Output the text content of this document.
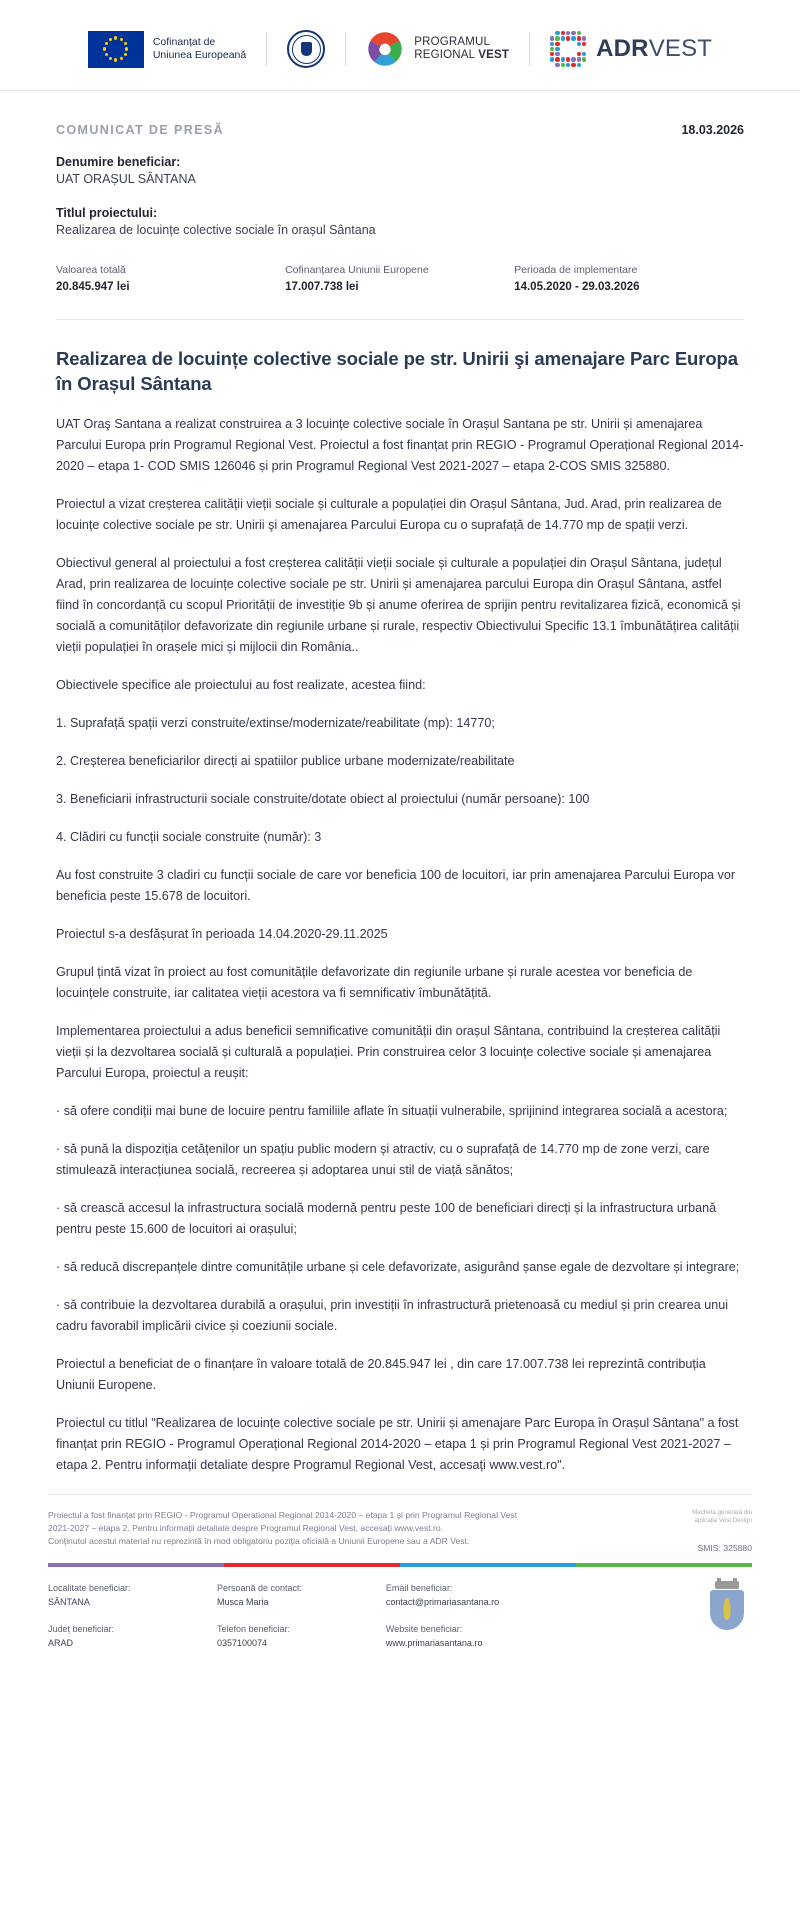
Cofinanțat de
Uniunea Europeană
PROGRAMUL
REGIONAL VEST	ADRVEST
COMUNICAT DE PRESĂ	18.03.2026
Denumire beneficiar:
UAT ORAȘUL SÂNTANA
Titlul proiectului:
Realizarea de locuințe colective sociale în orașul Sântana
Valoarea totală
20.845.947 lei
Cofinanțarea Uniunii Europene
17.007.738 lei
Perioada de implementare
14.05.2020 - 29.03.2026
Realizarea de locuințe colective sociale pe str. Unirii şi amenajare Parc Europa în Orașul Sântana

UAT Oraş Santana a realizat construirea a 3 locuințe colective sociale în Orașul Santana pe str. Unirii și amenajarea Parcului Europa prin Programul Regional Vest. Proiectul a fost finanțat prin REGIO - Programul Operațional Regional 2014-2020 – etapa 1- COD SMIS 126046 și prin Programul Regional Vest 2021-2027 – etapa 2-COS SMIS 325880.

Proiectul a vizat creșterea calității vieții sociale și culturale a populației din Orașul Sântana, Jud. Arad, prin realizarea de locuințe colective sociale pe str. Unirii şi amenajarea Parcului Europa cu o suprafață de 14.770 mp de spații verzi.

Obiectivul general al proiectului a fost creșterea calității vieții sociale și culturale a populației din Orașul Sântana, județul Arad, prin realizarea de locuințe colective sociale pe str. Unirii și amenajarea parcului Europa din Orașul Sântana, astfel fiind în concordanță cu scopul Priorității de investiție 9b și anume oferirea de sprijin pentru revitalizarea fizică, economică și socială a comunităților defavorizate din regiunile urbane și rurale, respectiv Obiectivului Specific 13.1 îmbunătățirea calității vieții populației în orașele mici și mijlocii din România..

Obiectivele specifice ale proiectului au fost realizate, acestea fiind:

1. Suprafață spații verzi construite/extinse/modernizate/reabilitate (mp): 14770;

2. Creșterea beneficiarilor direcți ai spatiilor publice urbane modernizate/reabilitate

3. Beneficiarii infrastructurii sociale construite/dotate obiect al proiectului (număr persoane): 100

4. Clădiri cu funcții sociale construite (număr): 3

Au fost construite 3 cladiri cu funcții sociale de care vor beneficia 100 de locuitori, iar prin amenajarea Parcului Europa vor beneficia peste 15.678 de locuitori.

Proiectul s-a desfășurat în perioada 14.04.2020-29.11.2025

Grupul țintă vizat în proiect au fost comunitățile defavorizate din regiunile urbane și rurale acestea vor beneficia de locuințele construite, iar calitatea vieții acestora va fi semnificativ îmbunătățită.

Implementarea proiectului a adus beneficii semnificative comunității din orașul Sântana, contribuind la creșterea calității vieții și la dezvoltarea socială și culturală a populației. Prin construirea celor 3 locuințe colective sociale și amenajarea Parcului Europa, proiectul a reușit:

· să ofere condiții mai bune de locuire pentru familiile aflate în situații vulnerabile, sprijinind integrarea socială a acestora;

· să pună la dispoziția cetățenilor un spațiu public modern și atractiv, cu o suprafață de 14.770 mp de zone verzi, care stimulează interacțiunea socială, recreerea și adoptarea unui stil de viață sănătos;

· să crească accesul la infrastructura socială modernă pentru peste 100 de beneficiari direcți și la infrastructura urbană pentru peste 15.600 de locuitori ai orașului;

· să reducă discrepanțele dintre comunitățile urbane și cele defavorizate, asigurând șanse egale de dezvoltare și integrare;

· să contribuie la dezvoltarea durabilă a orașului, prin investiții în infrastructură prietenoasă cu mediul și prin crearea unui cadru favorabil implicării civice și coeziunii sociale.

Proiectul a beneficiat de o finanțare în valoare totală de 20.845.947 lei , din care 17.007.738 lei reprezintă contribuția Uniunii Europene.

Proiectul cu titlul "Realizarea de locuințe colective sociale pe str. Unirii și amenajare Parc Europa în Orașul Sântana" a fost finanțat prin REGIO - Programul Operațional Regional 2014-2020 – etapa 1 și prin Programul Regional Vest 2021-2027 – etapa 2. Pentru informații detaliate despre Programul Regional Vest, accesați www.vest.ro".

Proiectul a fost finanțat prin REGIO - Programul Operational Regional 2014-2020 – etapa 1 și prin Programul Regional Vest
2021-2027 – etapa 2. Pentru informații detaliate despre Programul Regional Vest, accesați www.vest.ro.
Conținutul acestui material nu reprezintă în mod obligatoriu poziția oficială a Uniunii Europene sau a ADR Vest.
Macheta generată din
aplicația Vest Design
SMIS: 325880
Localitate beneficiar:
SÂNTANA
Județ beneficiar:
ARAD
Persoană de contact:
Musca Maria
Telefon beneficiar:
0357100074
Email beneficiar:
contact@primariasantana.ro
Website beneficiar:
www.primariasantana.ro
